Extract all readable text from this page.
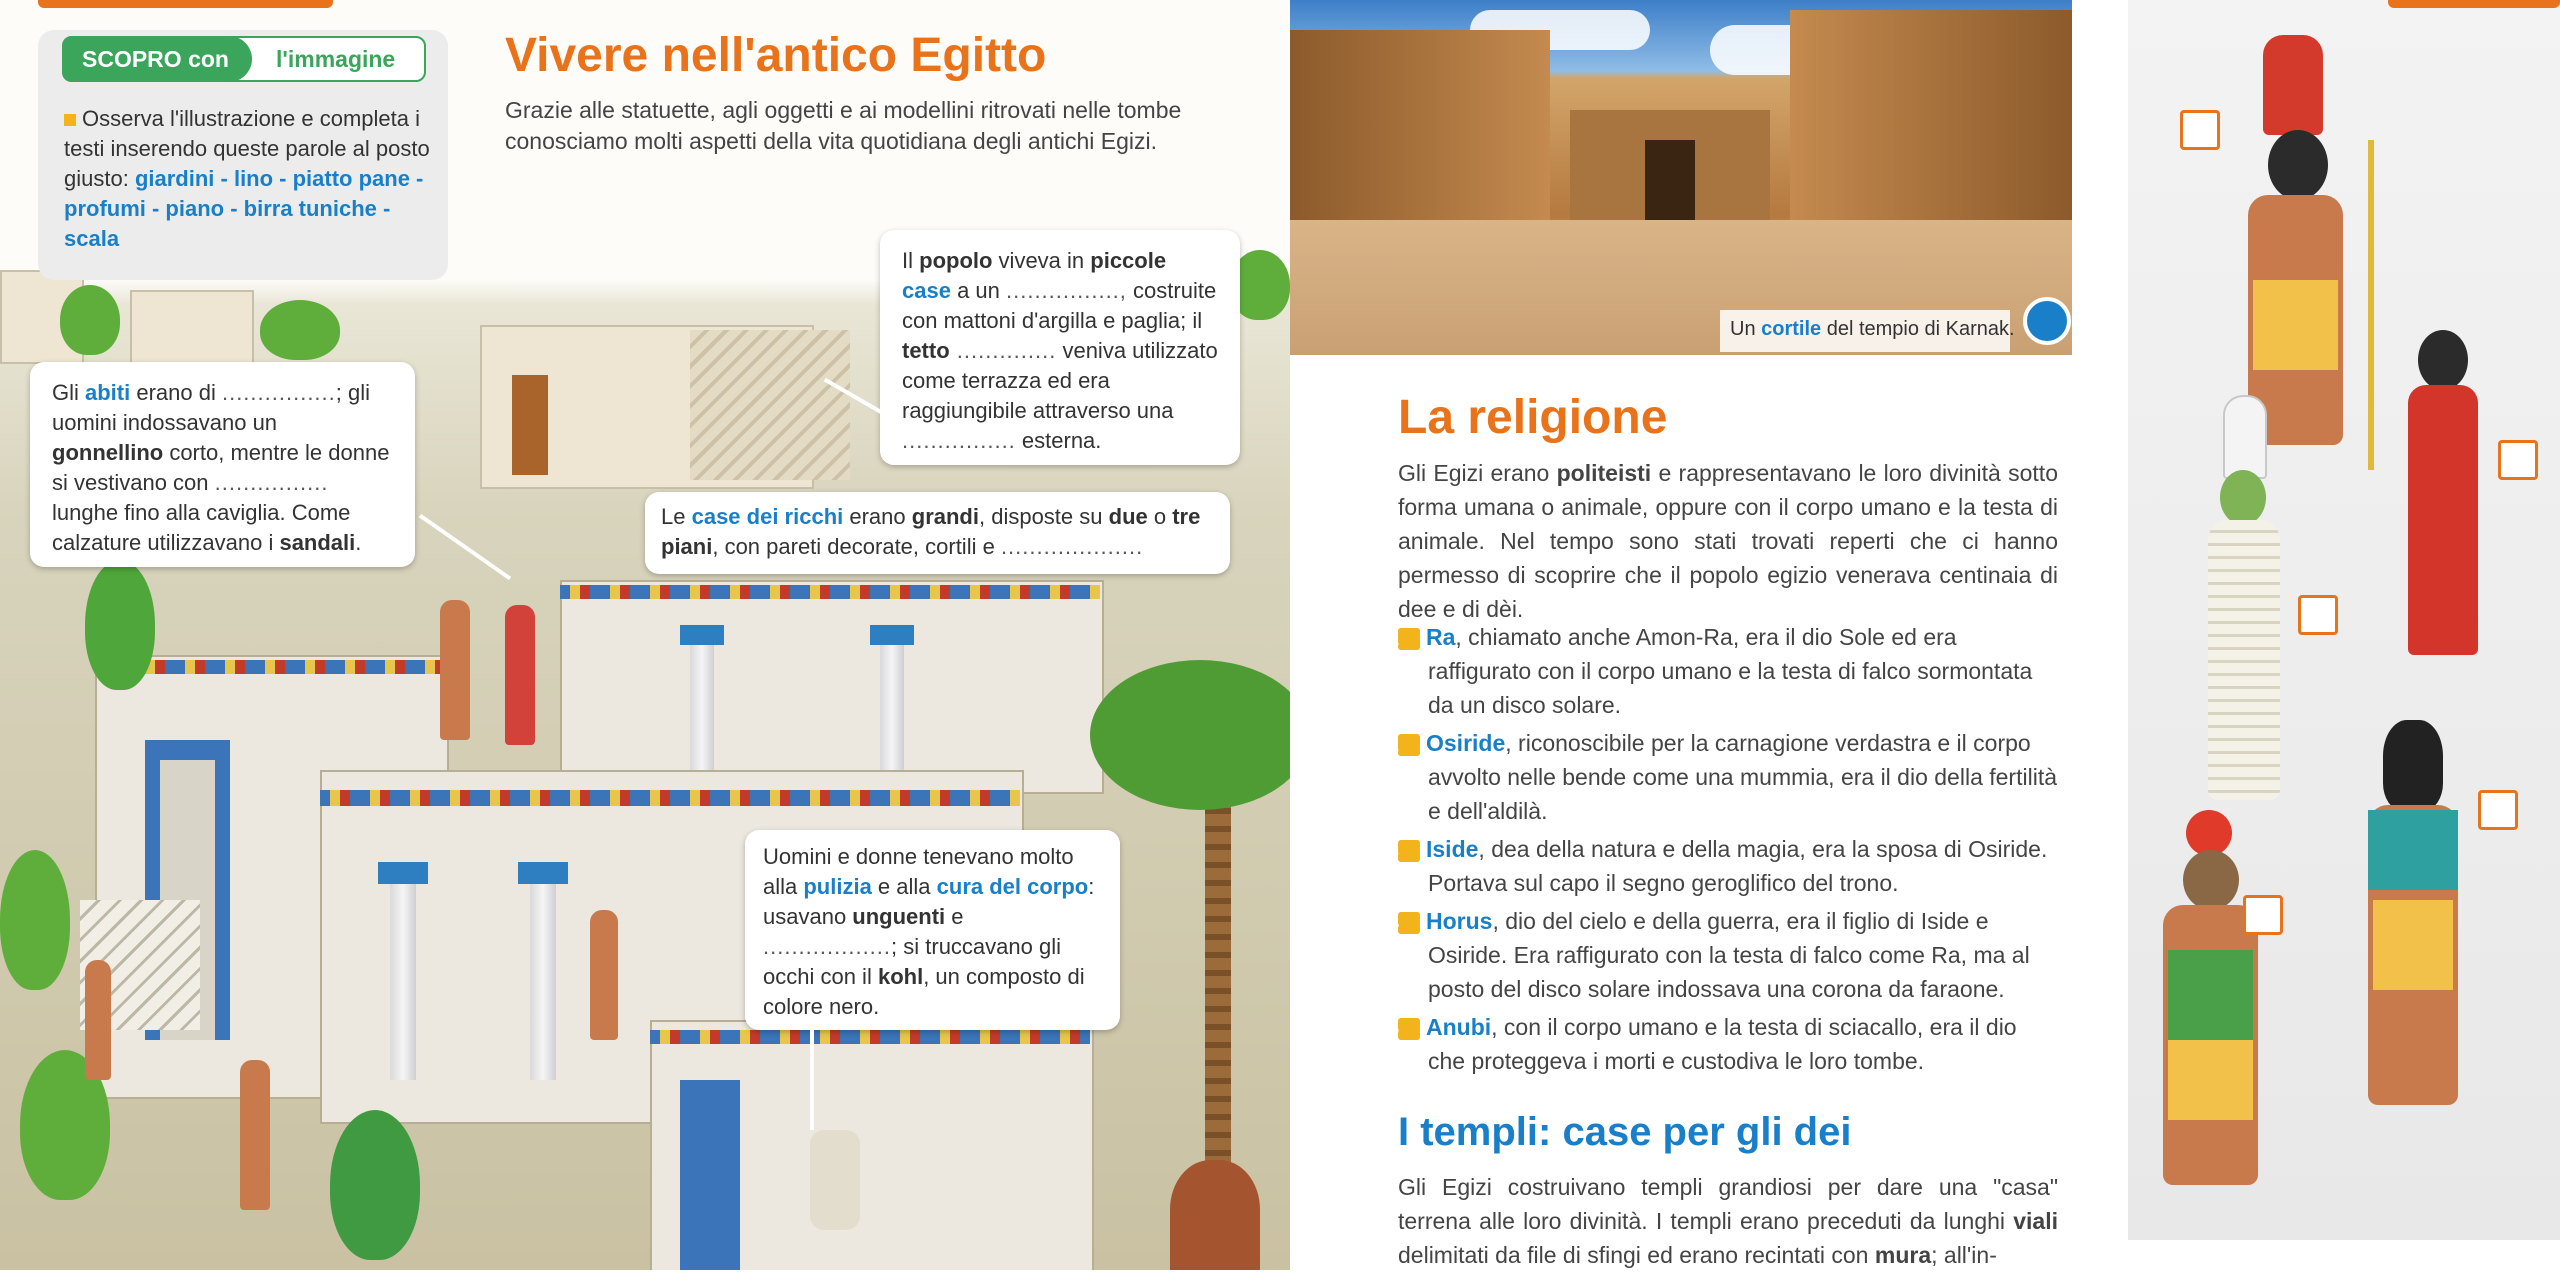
SCOPRO con l'immagine
Osserva l'illustrazione e completa i testi inserendo queste parole al posto giusto: giardini - lino - piatto pane - profumi - piano - birra tuniche - scala
Vivere nell'antico Egitto
Grazie alle statuette, agli oggetti e ai modellini ritrovati nelle tombe conosciamo molti aspetti della vita quotidiana degli antichi Egizi.
Il popolo viveva in piccole case a un ................, costruite con mattoni d'argilla e paglia; il tetto .............. veniva utilizzato come terrazza ed era raggiungibile attraverso una ................ esterna.
Gli abiti erano di ................; gli uomini indossavano un gonnellino corto, mentre le donne si vestivano con ................ lunghe fino alla caviglia. Come calzature utilizzavano i sandali.
Le case dei ricchi erano grandi, disposte su due o tre piani, con pareti decorate, cortili e ....................
Uomini e donne tenevano molto alla pulizia e alla cura del corpo: usavano unguenti e ..................; si truccavano gli occhi con il kohl, un composto di colore nero.
Un cortile del tempio di Karnak.
La religione
Gli Egizi erano politeisti e rappresentavano le loro divinità sotto forma umana o animale, oppure con il corpo umano e la testa di animale. Nel tempo sono stati trovati reperti che ci hanno permesso di scoprire che il popolo egizio venerava centinaia di dee e di dèi.
1 Ra, chiamato anche Amon-Ra, era il dio Sole ed era raffigurato con il corpo umano e la testa di falco sormontata da un disco solare.
2 Osiride, riconoscibile per la carnagione verdastra e il corpo avvolto nelle bende come una mummia, era il dio della fertilità e dell'aldilà.
3 Iside, dea della natura e della magia, era la sposa di Osiride. Portava sul capo il segno geroglifico del trono.
4 Horus, dio del cielo e della guerra, era il figlio di Iside e Osiride. Era raffigurato con la testa di falco come Ra, ma al posto del disco solare indossava una corona da faraone.
5 Anubi, con il corpo umano e la testa di sciacallo, era il dio che proteggeva i morti e custodiva le loro tombe.
I templi: case per gli dei
Gli Egizi costruivano templi grandiosi per dare una "casa" terrena alle loro divinità. I templi erano preceduti da lunghi viali delimitati da file di sfingi ed erano recintati con mura; all'in-
